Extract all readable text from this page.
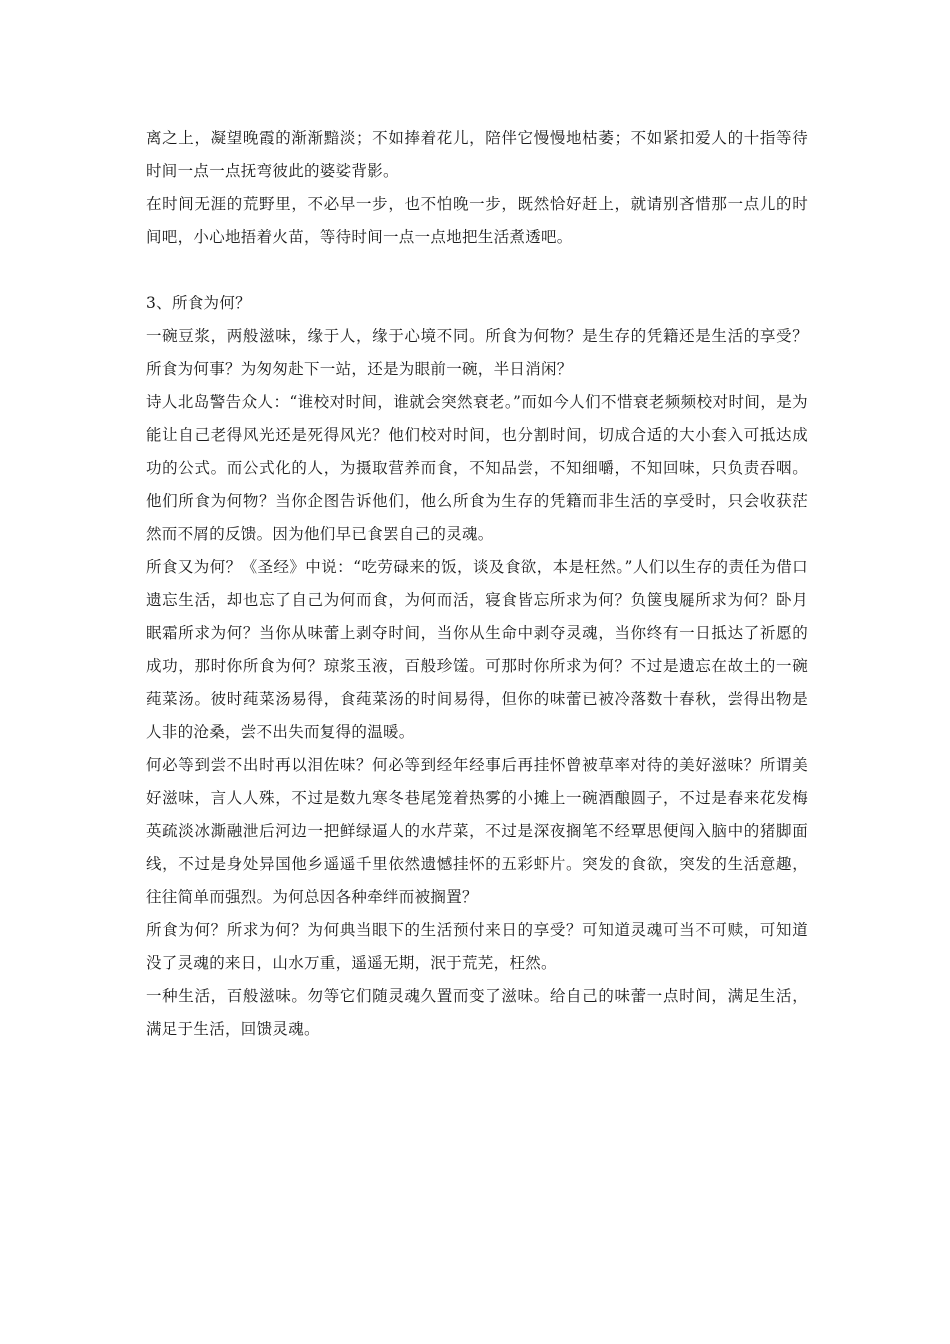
离之上，凝望晚霞的渐渐黯淡；不如捧着花儿，陪伴它慢慢地枯萎；不如紧扣爱人的十指等待时间一点一点抚弯彼此的婆娑背影。

在时间无涯的荒野里，不必早一步，也不怕晚一步，既然恰好赶上，就请别吝惜那一点儿的时间吧，小心地捂着火苗，等待时间一点一点地把生活煮透吧。

3、所食为何？

一碗豆浆，两般滋味，缘于人，缘于心境不同。所食为何物？是生存的凭籍还是生活的享受？所食为何事？为匆匆赴下一站，还是为眼前一碗，半日消闲？

诗人北岛警告众人：“谁校对时间，谁就会突然衰老。”而如今人们不惜衰老频频校对时间，是为能让自己老得风光还是死得风光？他们校对时间，也分割时间，切成合适的大小套入可抵达成功的公式。而公式化的人，为摄取营养而食，不知品尝，不知细嚼，不知回味，只负责吞咽。他们所食为何物？当你企图告诉他们，他么所食为生存的凭籍而非生活的享受时，只会收获茫然而不屑的反馈。因为他们早已食罢自己的灵魂。

所食又为何？《圣经》中说：“吃劳碌来的饭，谈及食欲，本是枉然。”人们以生存的责任为借口遗忘生活，却也忘了自己为何而食，为何而活，寝食皆忘所求为何？负箧曳屣所求为何？卧月眠霜所求为何？当你从味蕾上剥夺时间，当你从生命中剥夺灵魂，当你终有一日抵达了祈愿的成功，那时你所食为何？琼浆玉液，百般珍馐。可那时你所求为何？不过是遗忘在故土的一碗莼菜汤。彼时莼菜汤易得，食莼菜汤的时间易得，但你的味蕾已被冷落数十春秋，尝得出物是人非的沧桑，尝不出失而复得的温暖。

何必等到尝不出时再以泪佐味？何必等到经年经事后再挂怀曾被草率对待的美好滋味？所谓美好滋味，言人人殊，不过是数九寒冬巷尾笼着热雾的小摊上一碗酒酿圆子，不过是春来花发梅英疏淡冰澌融泄后河边一把鲜绿逼人的水芹菜，不过是深夜搁笔不经覃思便闯入脑中的猪脚面线，不过是身处异国他乡遥遥千里依然遗憾挂怀的五彩虾片。突发的食欲，突发的生活意趣，往往简单而强烈。为何总因各种牵绊而被搁置？

所食为何？所求为何？为何典当眼下的生活预付来日的享受？可知道灵魂可当不可赎，可知道没了灵魂的来日，山水万重，遥遥无期，泯于荒芜，枉然。

一种生活，百般滋味。勿等它们随灵魂久置而变了滋味。给自己的味蕾一点时间，满足生活，满足于生活，回馈灵魂。
